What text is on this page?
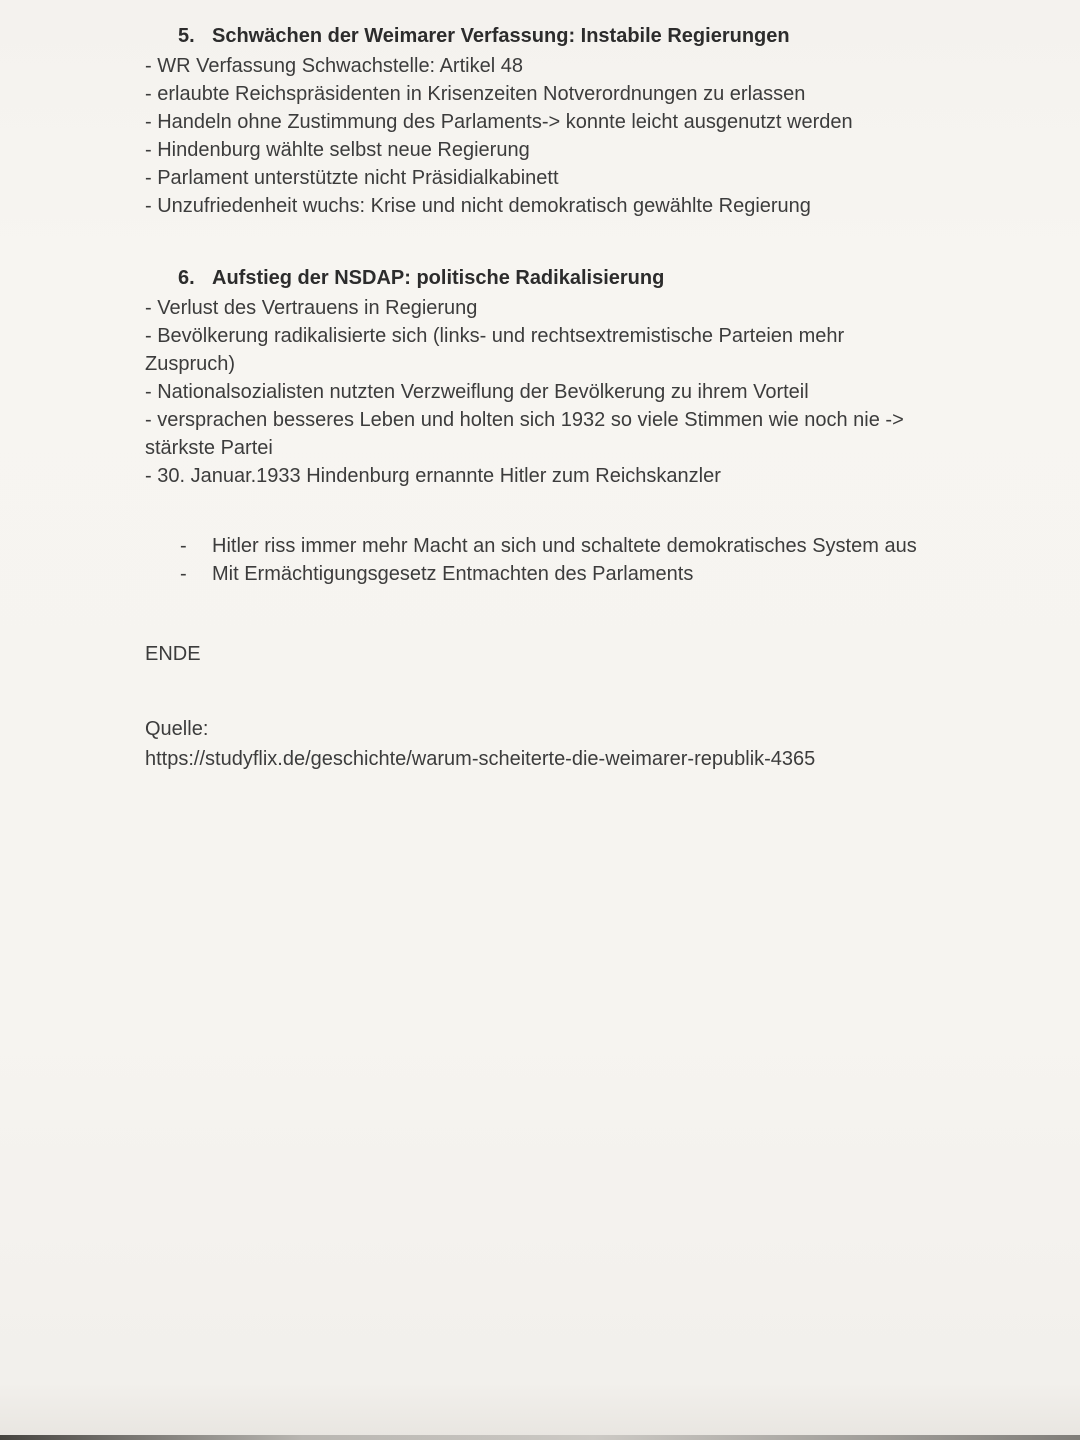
5. Schwächen der Weimarer Verfassung: Instabile Regierungen

- WR Verfassung Schwachstelle: Artikel 48

- erlaubte Reichspräsidenten in Krisenzeiten Notverordnungen zu erlassen

- Handeln ohne Zustimmung des Parlaments-> konnte leicht ausgenutzt werden

- Hindenburg wählte selbst neue Regierung

- Parlament unterstützte nicht Präsidialkabinett

- Unzufriedenheit wuchs: Krise und nicht demokratisch gewählte Regierung

6. Aufstieg der NSDAP: politische Radikalisierung

- Verlust des Vertrauens in Regierung

- Bevölkerung radikalisierte sich (links- und rechtsextremistische Parteien mehr Zuspruch)

- Nationalsozialisten nutzten Verzweiflung der Bevölkerung zu ihrem Vorteil

- versprachen besseres Leben und holten sich 1932 so viele Stimmen wie noch nie -> stärkste Partei

- 30. Januar.1933 Hindenburg ernannte Hitler zum Reichskanzler

-	Hitler riss immer mehr Macht an sich und schaltete demokratisches System aus
-	Mit Ermächtigungsgesetz Entmachten des Parlaments

ENDE

Quelle:

https://studyflix.de/geschichte/warum-scheiterte-die-weimarer-republik-4365
